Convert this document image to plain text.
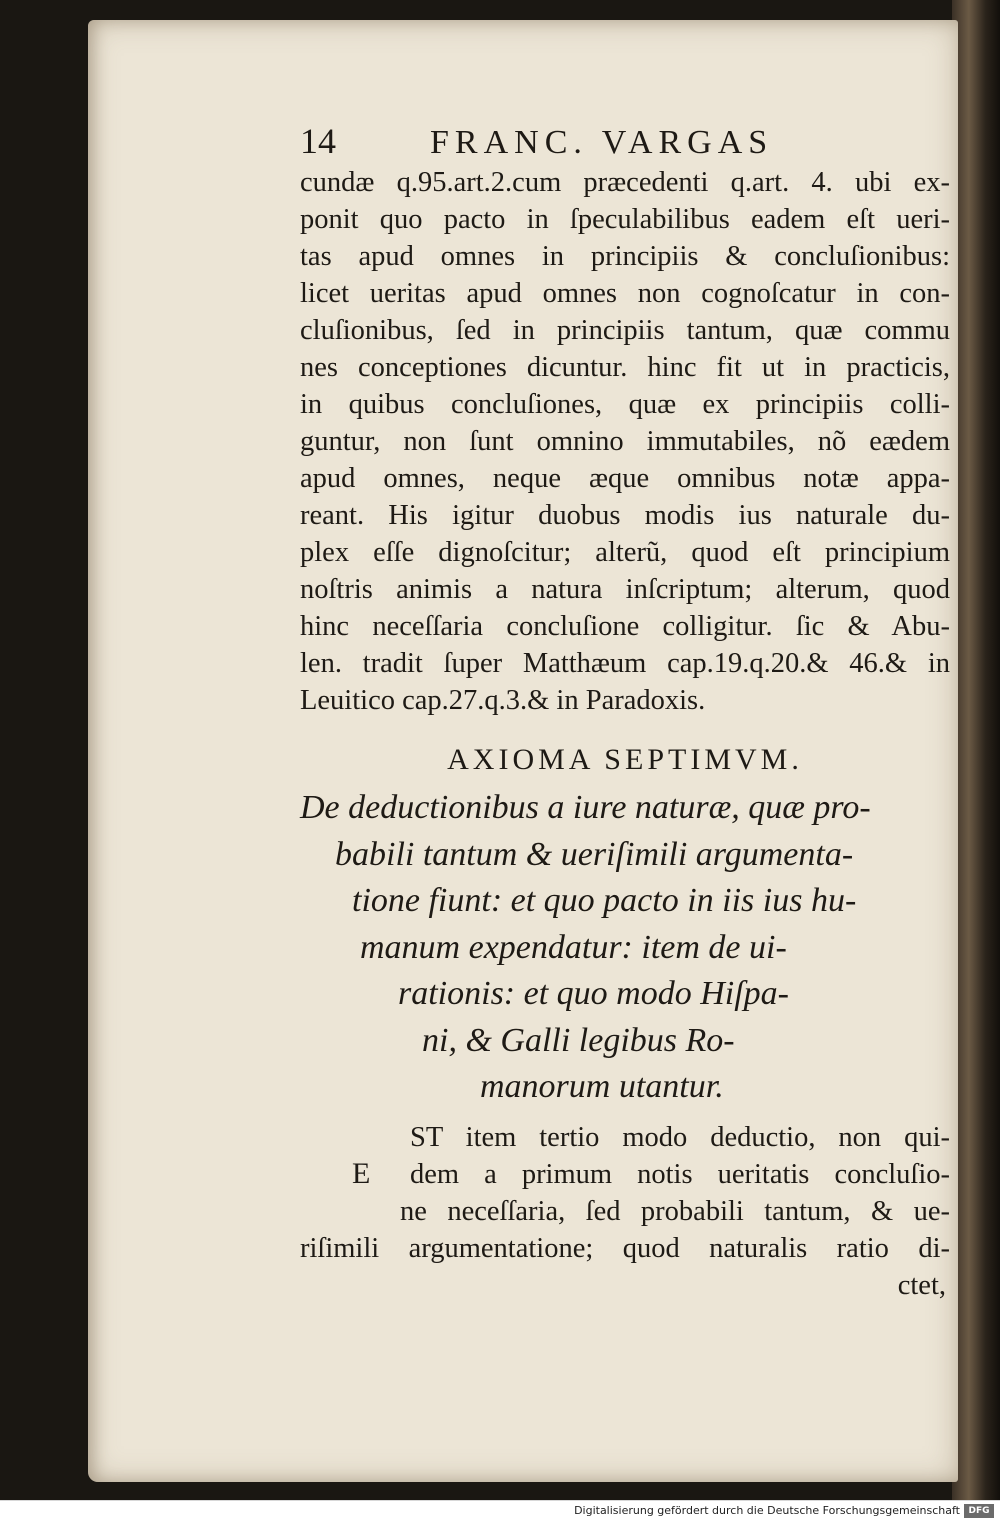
14	FRANC. VARGAS
cundæ q.95.art.2.cum præcedenti q.art. 4. ubi ex-
ponit quo pacto in ſpeculabilibus eadem eſt ueri-
tas apud omnes in principiis & concluſionibus:
licet ueritas apud omnes non cognoſcatur in con-
cluſionibus, ſed in principiis tantum, quæ commu
nes conceptiones dicuntur. hinc fit ut in practicis,
in quibus concluſiones, quæ ex principiis colli-
guntur, non ſunt omnino immutabiles, nõ eædem
apud omnes, neque æque omnibus notæ appa-
reant. His igitur duobus modis ius naturale du-
plex eſſe dignoſcitur; alterũ, quod eſt principium
noſtris animis a natura inſcriptum; alterum, quod
hinc neceſſaria concluſione colligitur. ſic & Abu-
len. tradit ſuper Matthæum cap.19.q.20.& 46.& in
Leuitico cap.27.q.3.& in Paradoxis.
AXIOMA SEPTIMVM.
De deductionibus a iure naturæ, quæ pro-
babili tantum & ueriſimili argumenta-
tione fiunt: et quo pacto in iis ius hu-
manum expendatur: item de ui-
rationis: et quo modo Hiſpa-
ni, & Galli legibus Ro-
manorum utantur.
E
ST item tertio modo deductio, non qui-
dem a primum notis ueritatis concluſio-
ne neceſſaria, ſed probabili tantum, & ue-
riſimili argumentatione; quod naturalis ratio di-
ctet,
Digitalisierung gefördert durch die Deutsche Forschungsgemeinschaft DFG
